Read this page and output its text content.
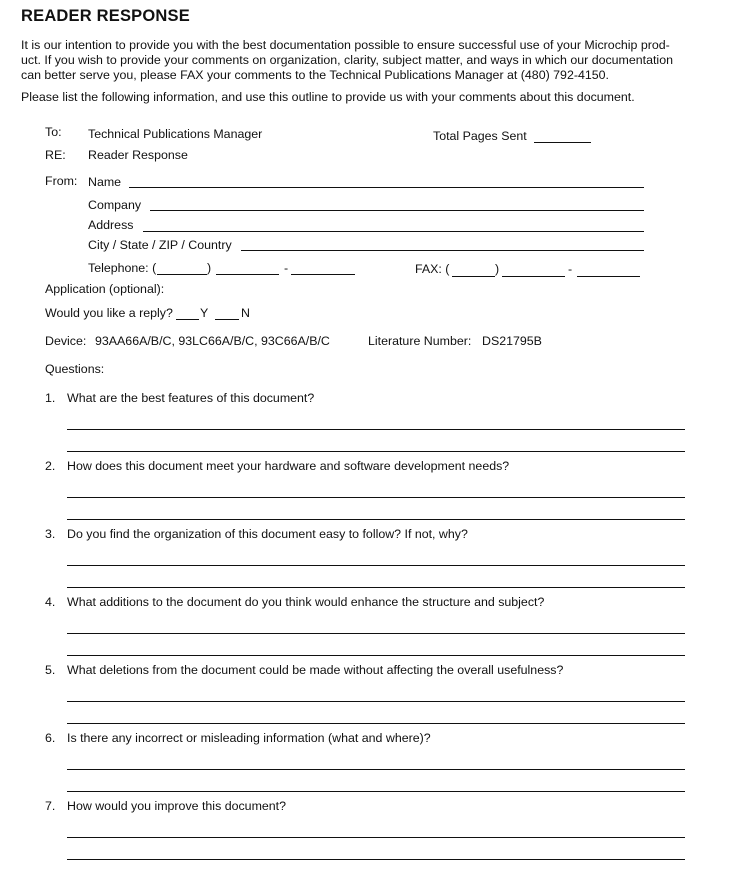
READER RESPONSE
It is our intention to provide you with the best documentation possible to ensure successful use of your Microchip prod-
uct. If you wish to provide your comments on organization, clarity, subject matter, and ways in which our documentation
can better serve you, please FAX your comments to the Technical Publications Manager at (480) 792-4150.
Please list the following information, and use this outline to provide us with your comments about this document.
To: Technical Publications Manager	Total Pages Sent
RE: Reader Response
From: Name
Company
Address
City / State / ZIP / Country
Telephone: (	)	-	FAX: (	)	-
Application (optional):
Would you like a reply? Y	N
Device: 93AA66A/B/C, 93LC66A/B/C, 93C66A/B/C	Literature Number: DS21795B
Questions:
1. What are the best features of this document?
2. How does this document meet your hardware and software development needs?
3. Do you find the organization of this document easy to follow? If not, why?
4. What additions to the document do you think would enhance the structure and subject?
5. What deletions from the document could be made without affecting the overall usefulness?
6. Is there any incorrect or misleading information (what and where)?
7. How would you improve this document?
